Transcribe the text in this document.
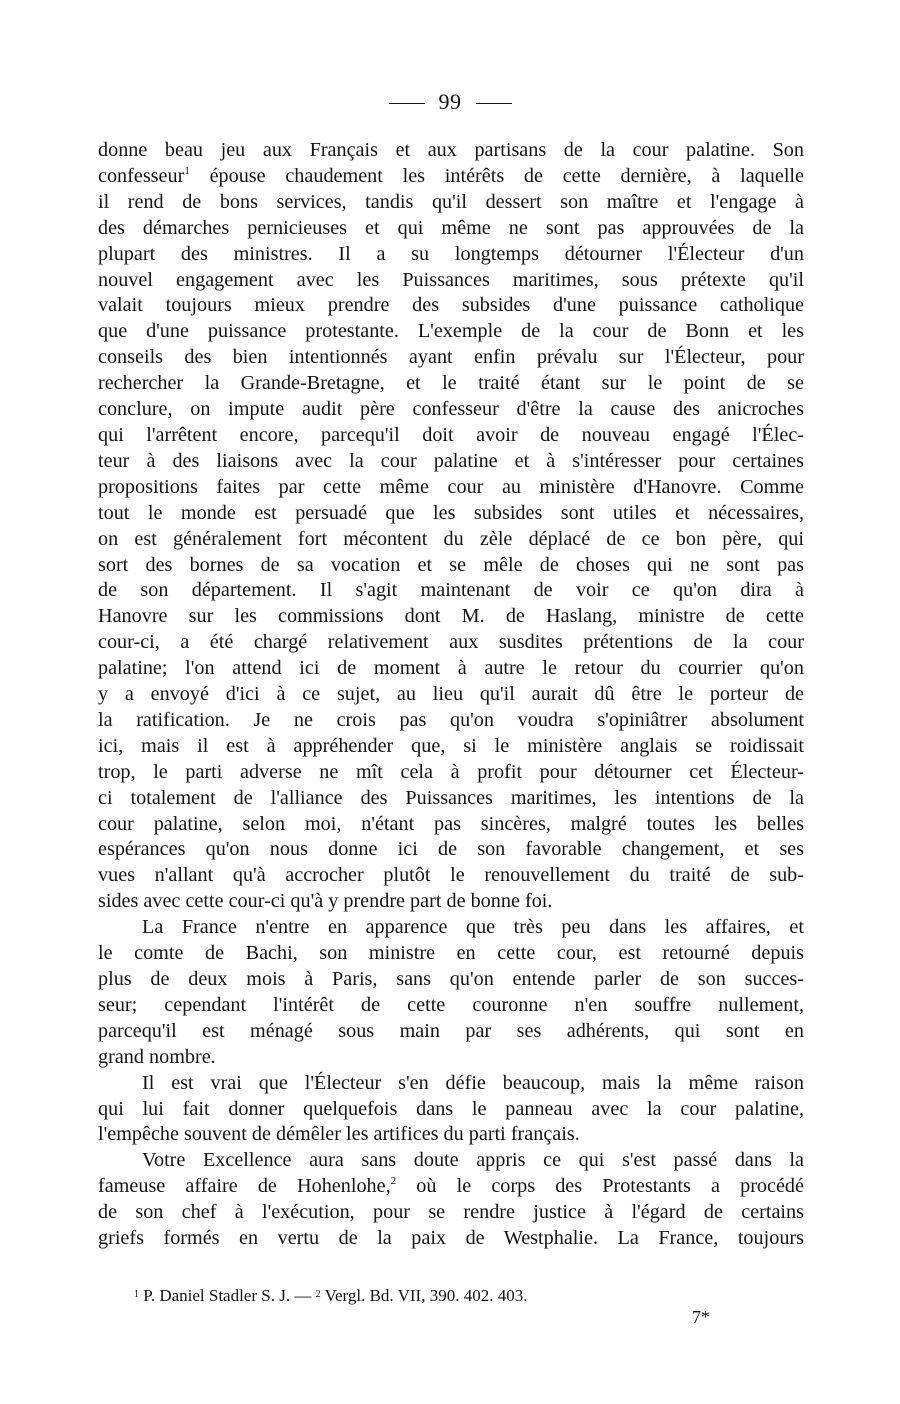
99

donne beau jeu aux Français et aux partisans de la cour palatine. Son
confesseur$^1$ épouse chaudement les intérêts de cette dernière, à laquelle
il rend de bons services, tandis qu'il dessert son maître et l'engage à
des démarches pernicieuses et qui même ne sont pas approuvées de la
plupart des ministres. Il a su longtemps détourner l'Électeur d'un
nouvel engagement avec les Puissances maritimes, sous prétexte qu'il
valait toujours mieux prendre des subsides d'une puissance catholique
que d'une puissance protestante. L'exemple de la cour de Bonn et les
conseils des bien intentionnés ayant enfin prévalu sur l'Électeur, pour
rechercher la Grande-Bretagne, et le traité étant sur le point de se
conclure, on impute audit père confesseur d'être la cause des anicroches
qui l'arrêtent encore, parcequ'il doit avoir de nouveau engagé l'Élec-
teur à des liaisons avec la cour palatine et à s'intéresser pour certaines
propositions faites par cette même cour au ministère d'Hanovre. Comme
tout le monde est persuadé que les subsides sont utiles et nécessaires,
on est généralement fort mécontent du zèle déplacé de ce bon père, qui
sort des bornes de sa vocation et se mêle de choses qui ne sont pas
de son département. Il s'agit maintenant de voir ce qu'on dira à
Hanovre sur les commissions dont M. de Haslang, ministre de cette
cour-ci, a été chargé relativement aux susdites prétentions de la cour
palatine; l'on attend ici de moment à autre le retour du courrier qu'on
y a envoyé d'ici à ce sujet, au lieu qu'il aurait dû être le porteur de
la ratification. Je ne crois pas qu'on voudra s'opiniâtrer absolument
ici, mais il est à appréhender que, si le ministère anglais se roidissait
trop, le parti adverse ne mît cela à profit pour détourner cet Électeur-
ci totalement de l'alliance des Puissances maritimes, les intentions de la
cour palatine, selon moi, n'étant pas sincères, malgré toutes les belles
espérances qu'on nous donne ici de son favorable changement, et ses
vues n'allant qu'à accrocher plutôt le renouvellement du traité de sub-
sides avec cette cour-ci qu'à y prendre part de bonne foi.

La France n'entre en apparence que très peu dans les affaires, et
le comte de Bachi, son ministre en cette cour, est retourné depuis
plus de deux mois à Paris, sans qu'on entende parler de son succes-
seur; cependant l'intérêt de cette couronne n'en souffre nullement,
parcequ'il est ménagé sous main par ses adhérents, qui sont en
grand nombre.

Il est vrai que l'Électeur s'en défie beaucoup, mais la même raison
qui lui fait donner quelquefois dans le panneau avec la cour palatine,
l'empêche souvent de démêler les artifices du parti français.

Votre Excellence aura sans doute appris ce qui s'est passé dans la
fameuse affaire de Hohenlohe,$^2$ où le corps des Protestants a procédé
de son chef à l'exécution, pour se rendre justice à l'égard de certains
griefs formés en vertu de la paix de Westphalie. La France, toujours

$^1$ P. Daniel Stadler S. J. — $^2$ Vergl. Bd. VII, 390. 402. 403.
7*
